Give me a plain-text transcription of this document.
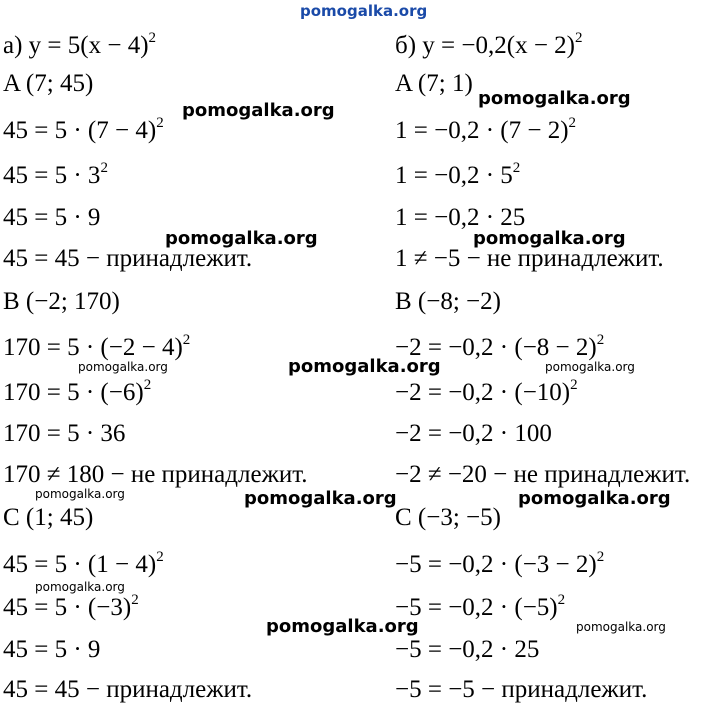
pomogalka.org
а) $y = 5(x - 4)^2$
A (7; 45)
$45 = 5 \cdot (7 - 4)^2$
$45 = 5 \cdot 3^2$
45 = 5 · 9
45 = 45 − принадлежит.
B (−2; 170)
$170 = 5 \cdot (-2 - 4)^2$
$170 = 5 \cdot (-6)^2$
170 = 5 · 36
170 ≠ 180 − не принадлежит.
C (1; 45)
$45 = 5 \cdot (1 - 4)^2$
$45 = 5 \cdot (-3)^2$
45 = 5 · 9
45 = 45 − принадлежит.
б) $y = -0,2(x - 2)^2$
A (7; 1)
$1 = -0,2 \cdot (7 - 2)^2$
$1 = -0,2 \cdot 5^2$
1 = −0,2 · 25
1 ≠ −5 − не принадлежит.
B (−8; −2)
$-2 = -0,2 \cdot (-8 - 2)^2$
$-2 = -0,2 \cdot (-10)^2$
−2 = −0,2 · 100
−2 ≠ −20 − не принадлежит.
C (−3; −5)
$-5 = -0,2 \cdot (-3 - 2)^2$
$-5 = -0,2 \cdot (-5)^2$
−5 = −0,2 · 25
−5 = −5 − принадлежит.
pomogalka.org
pomogalka.org
pomogalka.org	pomogalka.org
pomogalka.org	pomogalka.org	pomogalka.org
pomogalka.org	pomogalka.org	pomogalka.org
pomogalka.org
pomogalka.org	pomogalka.org
